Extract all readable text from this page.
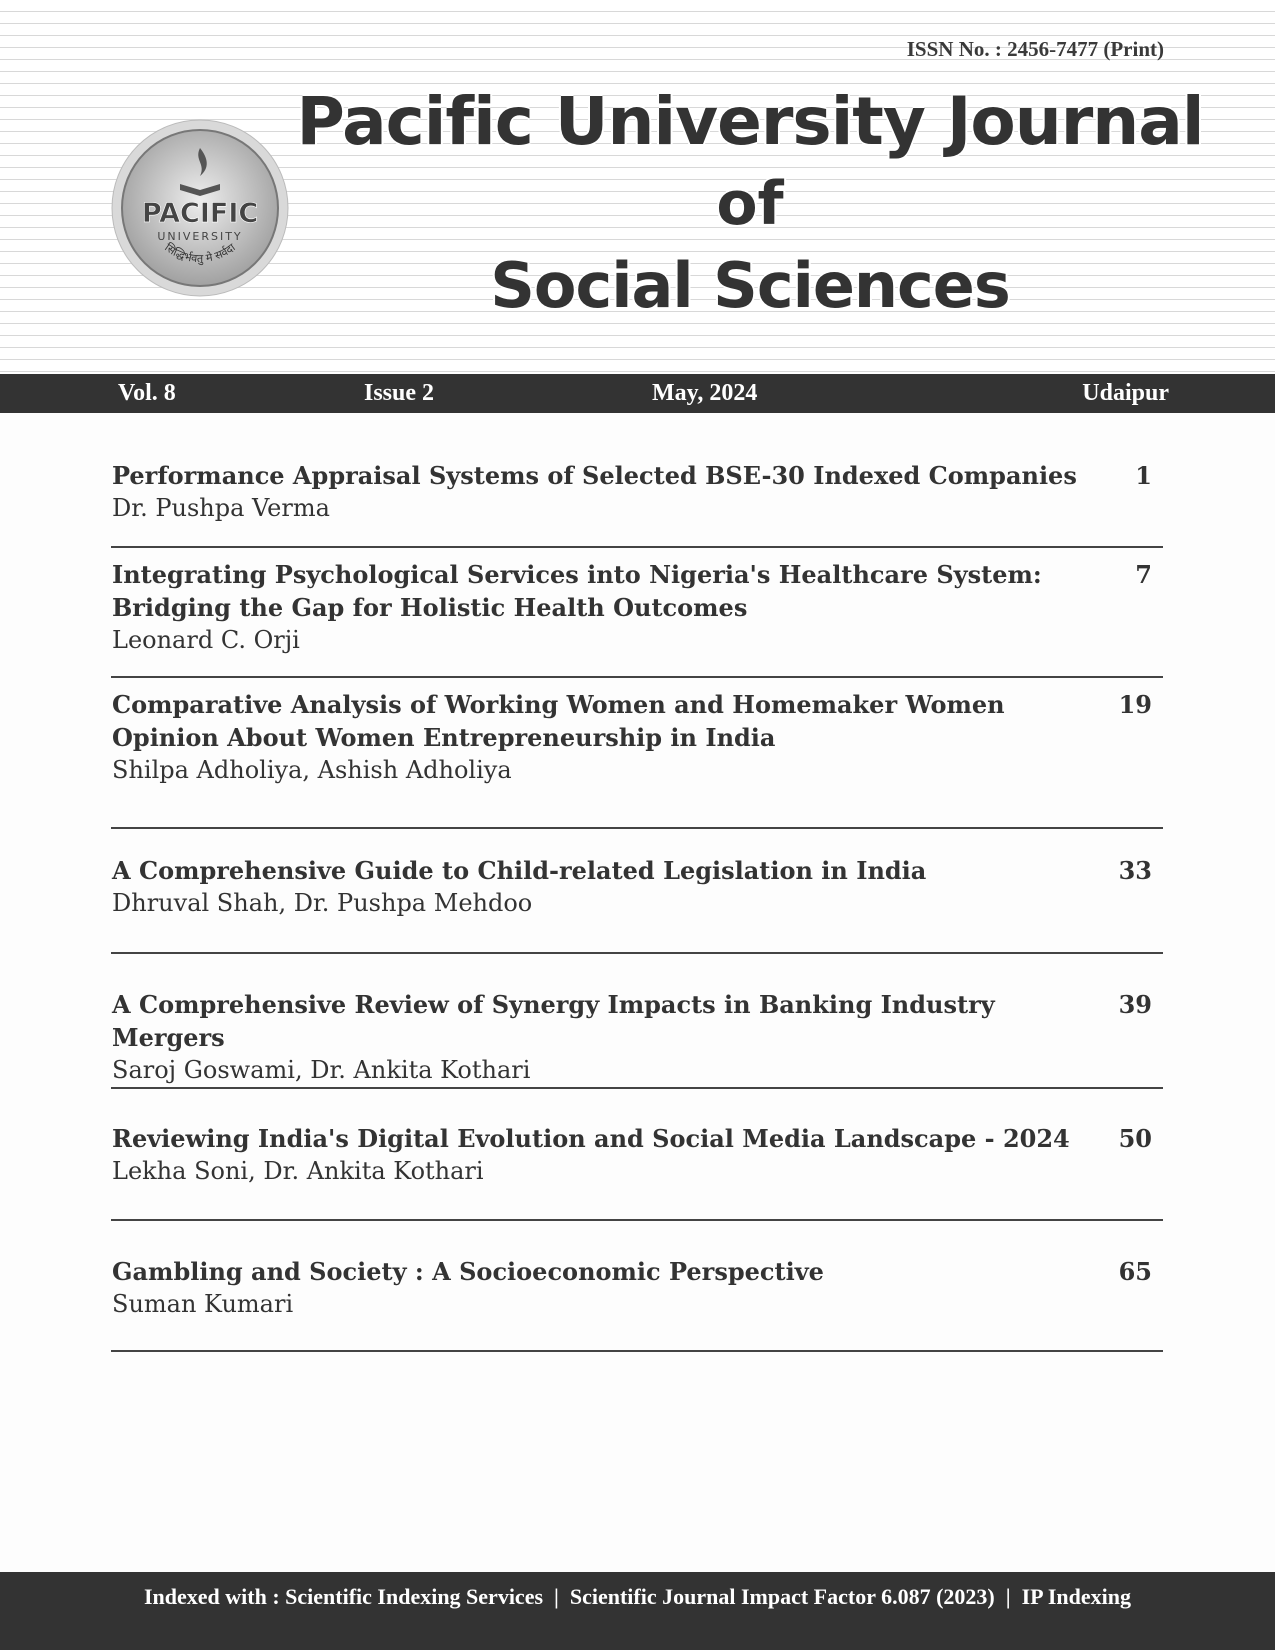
ISSN No. : 2456-7477 (Print)
PACIFIC
UNIVERSITY
सिद्धिर्भवतु मे सर्वदा
Pacific University Journal
of
Social Sciences
Vol. 8	Issue 2	May, 2024	Udaipur
Performance Appraisal Systems of Selected BSE-30 Indexed Companies
Dr. Pushpa Verma
1
Integrating Psychological Services into Nigeria's Healthcare System: Bridging the Gap for Holistic Health Outcomes
Leonard C. Orji
7
Comparative Analysis of Working Women and Homemaker Women Opinion About Women Entrepreneurship in India
Shilpa Adholiya, Ashish Adholiya
19
A Comprehensive Guide to Child-related Legislation in India
Dhruval Shah, Dr. Pushpa Mehdoo
33
A Comprehensive Review of Synergy Impacts in Banking Industry Mergers
Saroj Goswami, Dr. Ankita Kothari
39
Reviewing India's Digital Evolution and Social Media Landscape - 2024
Lekha Soni, Dr. Ankita Kothari
50
Gambling and Society : A Socioeconomic Perspective
Suman Kumari
65
Indexed with : Scientific Indexing Services  |  Scientific Journal Impact Factor 6.087 (2023)  |  IP Indexing
